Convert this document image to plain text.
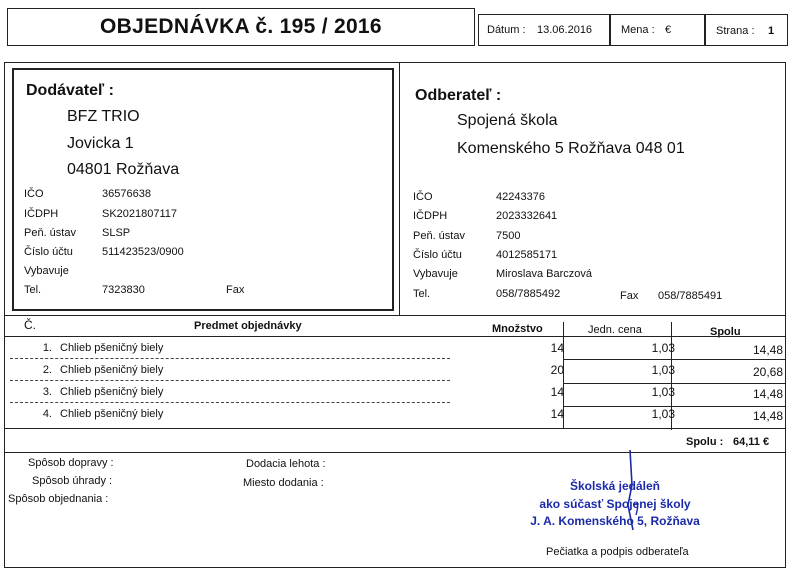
OBJEDNÁVKA č. 195 / 2016	Dátum : 13.06.2016	Mena : €	Strana : 1
Dodávateľ :
BFZ TRIO
Jovicka 1
04801 Rožňava
IČO	36576638
IČDPH	SK2021807117
Peň. ústav SLSP
Číslo účtu	511423523/0900
Vybavuje
Tel.	7323830	Fax
Odberateľ :
Spojená škola
Komenského 5 Rožňava 048 01
IČO	42243376
IČDPH	2023332641
Peň. ústav	7500
Číslo účtu	4012585171
Vybavuje	Miroslava Barczová
Tel.	058/7885492	Fax 058/7885491
Č.	Predmet objednávky	Množstvo	Jedn. cena	Spolu
1. Chlieb pšeničný biely	14	1,03	14,48
2. Chlieb pšeničný biely	20	1,03	20,68
3. Chlieb pšeničný biely	14	1,03	14,48
4. Chlieb pšeničný biely	14	1,03	14,48
Spolu : 64,11 €
Spôsob dopravy :
Spôsob úhrady :
Spôsob objednania :
Dodacia lehota :
Miesto dodania :	Školská jedáleň
ako súčasť Spojenej školy
J. A. Komenského 5, Rožňava
Pečiatka a podpis odberateľa
